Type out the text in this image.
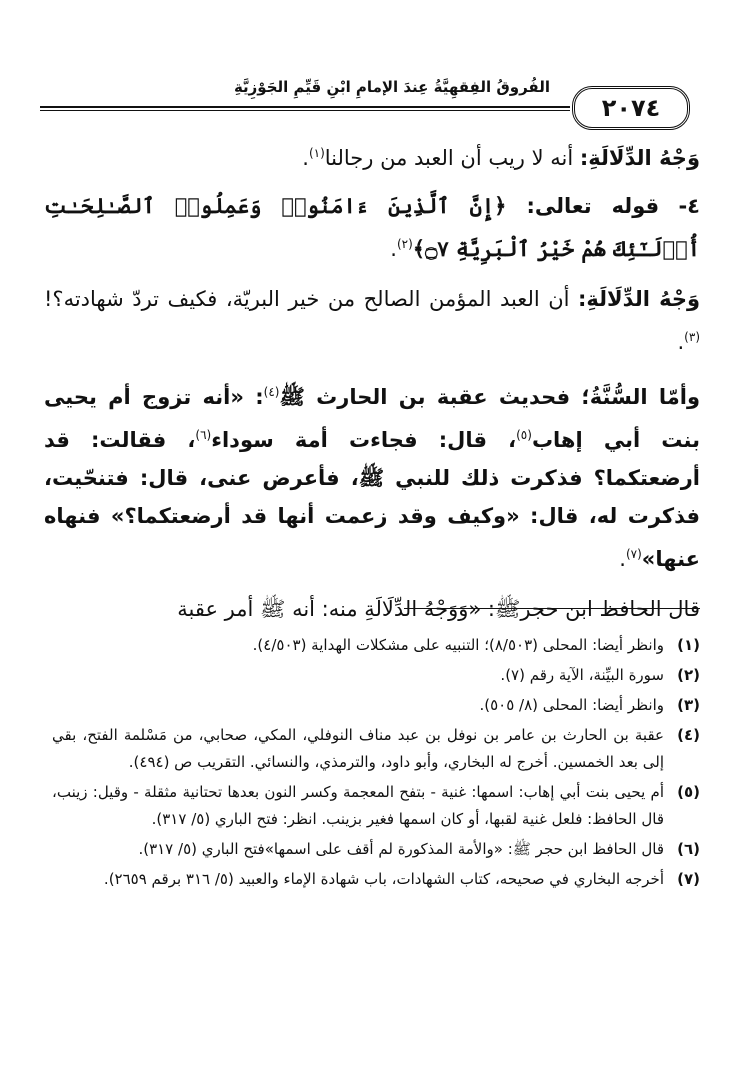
الفُروقُ الفِقهِيَّةُ عِندَ الإمامِ ابْنِ قَيِّمِ الجَوْزِيَّةِ
٢٠٧٤

وَجْهُ الدِّلَالَةِ: أنه لا ريب أن العبد من رجالنا$^{(١)}$.

٤- قوله تعالى: ﴿إِنَّ ٱلَّذِينَ ءَامَنُوا۟ وَعَمِلُوا۟ ٱلصَّـٰلِحَـٰتِ أُو۟لَـٰٓئِكَ هُمْ خَيْرُ ٱلْبَرِيَّةِ ۝٧﴾$^{(٢)}$.

وَجْهُ الدِّلَالَةِ: أن العبد المؤمن الصالح من خير البريّة، فكيف تردّ شهادته؟!$^{(٣)}$.

وأمّا السُّنَّةُ؛ فحديث عقبة بن الحارث ﷺ$^{(٤)}$: «أنه تزوج أم يحيى بنت أبي إهاب$^{(٥)}$، قال: فجاءت أمة سوداء$^{(٦)}$، فقالت: قد أرضعتكما؟ فذكرت ذلك للنبي ﷺ، فأعرض عنى، قال: فتنحّيت، فذكرت له، قال: «وكيف وقد زعمت أنها قد أرضعتكما؟» فنهاه عنها»$^{(٧)}$.

قال الحافظ ابن حجرﷺ: «وَوَجْهُ الدِّلَالَةِ منه: أنه ﷺ أمر عقبة

(١)
وانظر أيضا: المحلى (٨/٥٠٣)؛ التنبيه على مشكلات الهداية (٤/٥٠٣).
(٢)
سورة البيِّنة، الآية رقم (٧).
(٣)
وانظر أيضا: المحلى (٨/ ٥٠٥).
(٤)
عقبة بن الحارث بن عامر بن نوفل بن عبد مناف النوفلي، المكي، صحابي، من مَسْلمة الفتح، بقي إلى بعد الخمسين. أخرج له البخاري، وأبو داود، والترمذي، والنسائي. التقريب ص (٤٩٤).
(٥)
أم يحيى بنت أبي إهاب: اسمها: غنية - بتفح المعجمة وكسر النون بعدها تحتانية مثقلة - وقيل: زينب، قال الحافظ: فلعل غنية لقبها، أو كان اسمها فغير بزينب. انظر: فتح الباري (٥/ ٣١٧).
(٦)
قال الحافظ ابن حجر ﷺ: «والأمة المذكورة لم أقف على اسمها»فتح الباري (٥/ ٣١٧).
(٧)
أخرجه البخاري في صحيحه، كتاب الشهادات، باب شهادة الإماء والعبيد (٥/ ٣١٦ برقم ٢٦٥٩).
